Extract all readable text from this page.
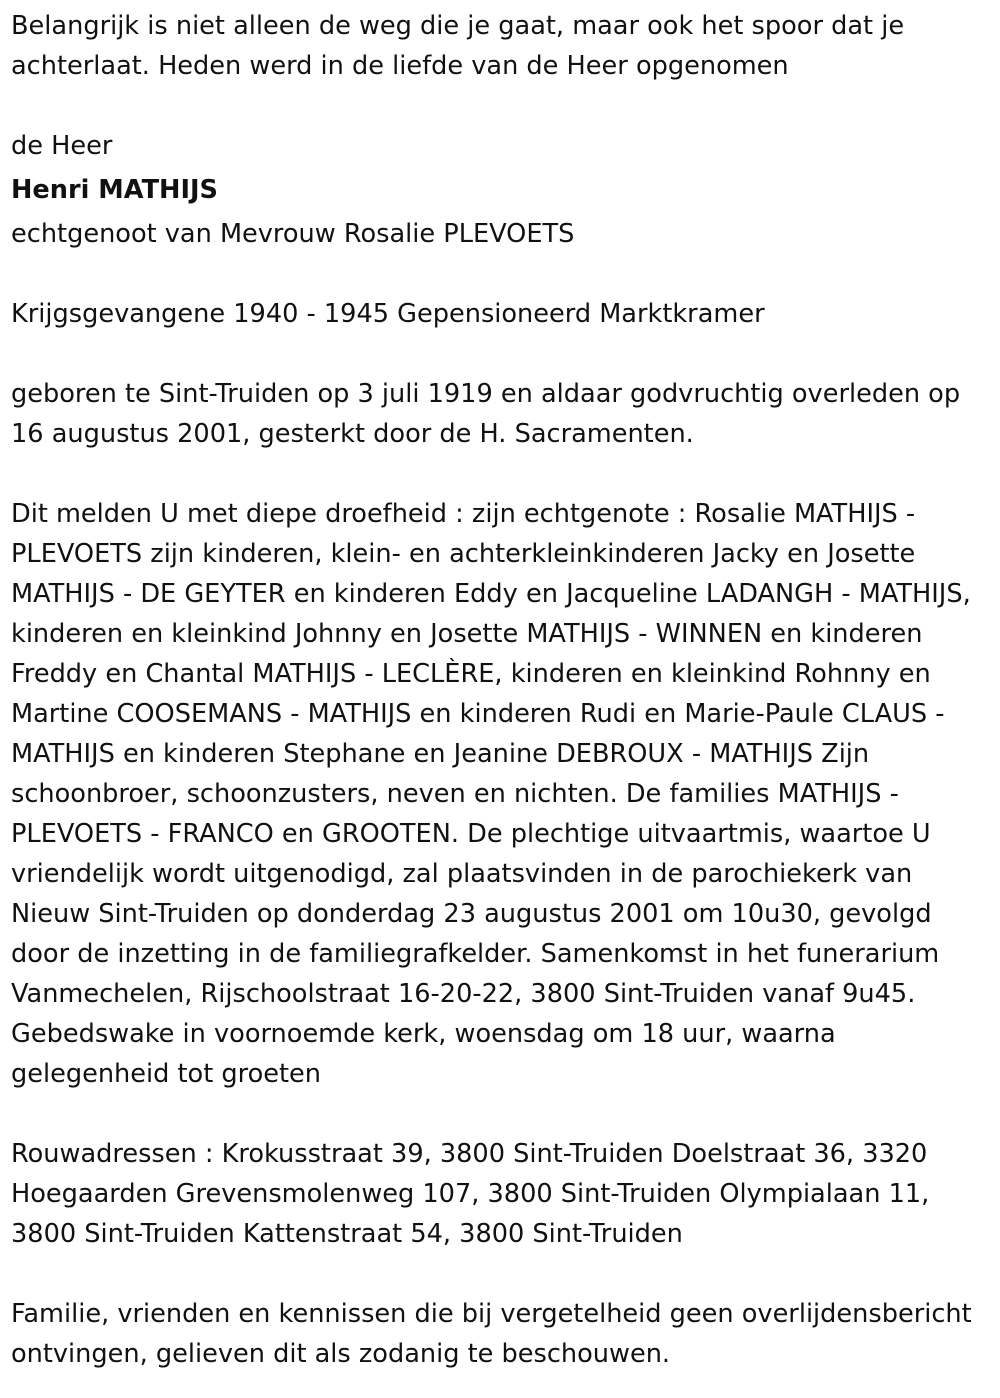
Belangrijk is niet alleen de weg die je gaat, maar ook het spoor dat je achterlaat. Heden werd in de liefde van de Heer opgenomen

de Heer

Henri MATHIJS

echtgenoot van Mevrouw Rosalie PLEVOETS

Krijgsgevangene 1940 - 1945 Gepensioneerd Marktkramer

geboren te Sint-Truiden op 3 juli 1919 en aldaar godvruchtig overleden op 16 augustus 2001, gesterkt door de H. Sacramenten.

Dit melden U met diepe droefheid : zijn echtgenote : Rosalie MATHIJS - PLEVOETS zijn kinderen, klein- en achterkleinkinderen Jacky en Josette MATHIJS - DE GEYTER en kinderen Eddy en Jacqueline LADANGH - MATHIJS, kinderen en kleinkind Johnny en Josette MATHIJS - WINNEN en kinderen Freddy en Chantal MATHIJS - LECLÈRE, kinderen en kleinkind Rohnny en Martine COOSEMANS - MATHIJS en kinderen Rudi en Marie-Paule CLAUS - MATHIJS en kinderen Stephane en Jeanine DEBROUX - MATHIJS Zijn schoonbroer, schoonzusters, neven en nichten. De families MATHIJS - PLEVOETS - FRANCO en GROOTEN. De plechtige uitvaartmis, waartoe U vriendelijk wordt uitgenodigd, zal plaatsvinden in de parochiekerk van Nieuw Sint-Truiden op donderdag 23 augustus 2001 om 10u30, gevolgd door de inzetting in de familiegrafkelder. Samenkomst in het funerarium Vanmechelen, Rijschoolstraat 16-20-22, 3800 Sint-Truiden vanaf 9u45. Gebedswake in voornoemde kerk, woensdag om 18 uur, waarna gelegenheid tot groeten

Rouwadressen : Krokusstraat 39, 3800 Sint-Truiden Doelstraat 36, 3320 Hoegaarden Grevensmolenweg 107, 3800 Sint-Truiden Olympialaan 11, 3800 Sint-Truiden Kattenstraat 54, 3800 Sint-Truiden

Familie, vrienden en kennissen die bij vergetelheid geen overlijdensbericht ontvingen, gelieven dit als zodanig te beschouwen.
